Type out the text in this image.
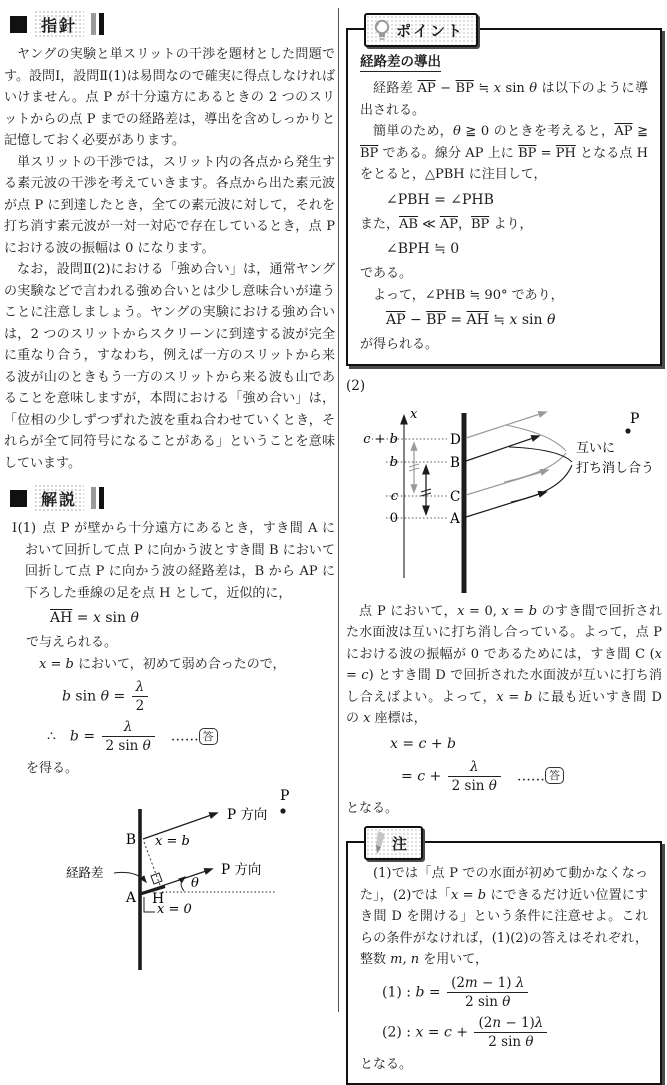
指針

ヤングの実験と単スリットの干渉を題材とした問題です。設問Ⅰ，設問Ⅱ(1)は易問なので確実に得点しなければいけません。点 P が十分遠方にあるときの 2 つのスリットからの点 P までの経路差は，導出を含めしっかりと記憶しておく必要があります。

単スリットの干渉では，スリット内の各点から発生する素元波の干渉を考えていきます。各点から出た素元波が点 P に到達したとき，全ての素元波に対して，それを打ち消す素元波が一対一対応で存在しているとき，点 P における波の振幅は 0 になります。

なお，設問Ⅱ(2)における「強め合い」は，通常ヤングの実験などで言われる強め合いとは少し意味合いが違うことに注意しましょう。ヤングの実験における強め合いは，2 つのスリットからスクリーンに到達する波が完全に重なり合う，すなわち，例えば一方のスリットから来る波が山のときもう一方のスリットから来る波も山であることを意味しますが，本問における「強め合い」は，「位相の少しずつずれた波を重ね合わせていくとき，それらが全て同符号になることがある」ということを意味しています。

解説

Ⅰ(1) 点 P が壁から十分遠方にあるとき，すき間 A において回折して点 P に向かう波とすき間 B において回折して点 P に向かう波の経路差は，B から AP に下ろした垂線の足を点 H として，近似的に，

$\overline{AH} = x$ sin θ

で与えられる。

x = b において，初めて弱め合ったので，

b $\sin \theta = \frac{\lambda}{2}$
∴　$b = \frac{\lambda}{\text{2 sin θ}}$ 　…… 答

を得る。

P
B
P 方向
x = b
P 方向
θ
A H
x = 0
経路差
ポイント
経路差の導出

経路差 $\overline{AP} - \overline{BP}$ ≒ x sin θ は以下のように導出される。

簡単のため，θ ≧ 0 のときを考えると，$\overline{AP}$ ≧ $\overline{BP}$ である。線分 AP 上に $\overline{BP} = \overline{PH}$ となる点 H をとると，△PBH に注目して，

∠PBH = ∠PHB

また，$\overline{AB}$ ≪ $\overline{AP}$，$\overline{BP}$ より，

∠BPH ≒ 0

である。

よって，∠PHB ≒ 90° であり，

$\overline{AP} - \overline{BP} = \overline{AH}$ ≒ x sin θ

が得られる。

(2)

x
c + b
b
c
0
D
B
C
A
互いに
打ち消し合う
P

点 P において，x = 0, x = b のすき間で回折された水面波は互いに打ち消し合っている。よって，点 P における波の振幅が 0 であるためには，すき間 C (x = c) とすき間 D で回折された水面波が互いに打ち消し合えばよい。よって，x = b に最も近いすき間 D の x 座標は，

x = c + b
= $c + \frac{\lambda}{\text{2 sin θ}}$ 　…… 答

となる。

注

(1)では「点 P での水面が初めて動かなくなった」，(2)では「x = b にできるだけ近い位置にすき間 D を開ける」という条件に注意せよ。これらの条件がなければ，(1)(2)の答えはそれぞれ，整数 m, n を用いて，

(1) : $b = \frac{(2m - 1) \lambda}{\text{2 sin θ}}$
(2) : $x = c + \frac{(2n - 1)\lambda}{\text{2 sin θ}}$

となる。
